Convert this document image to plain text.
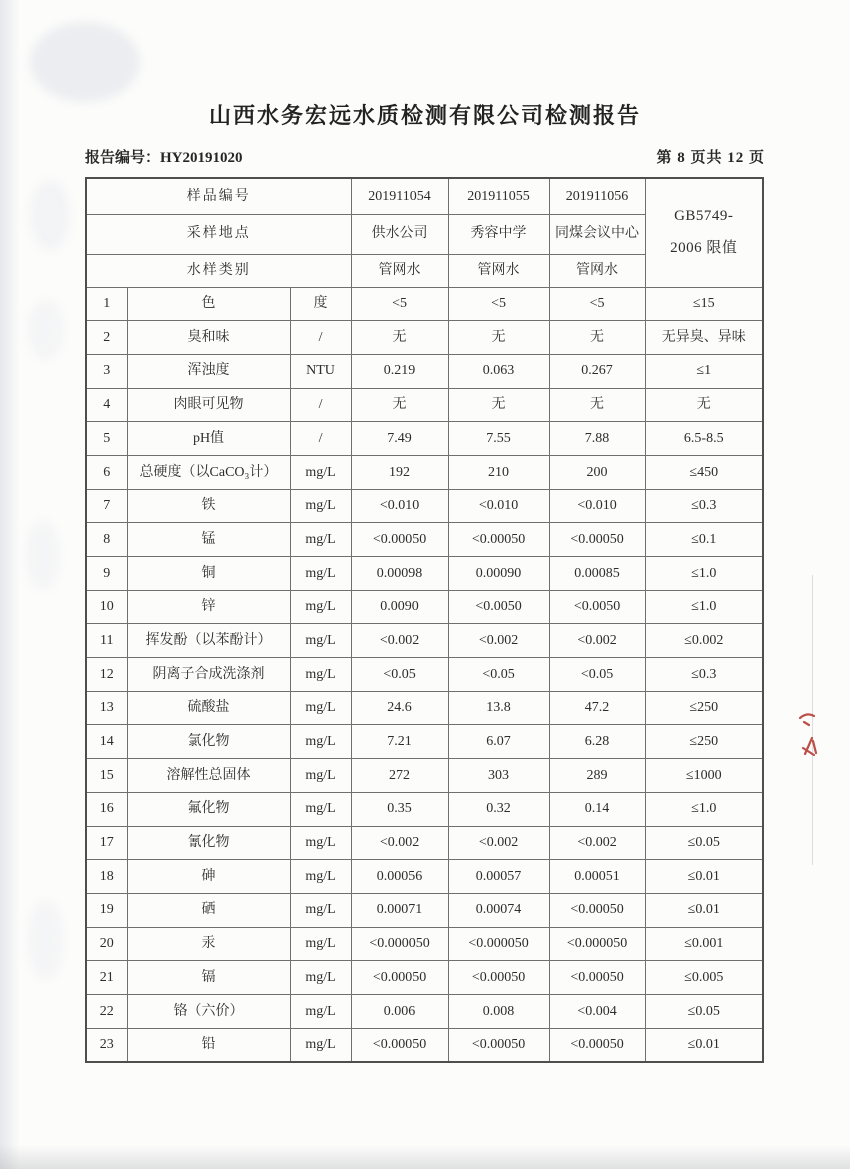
山西水务宏远水质检测有限公司检测报告
报告编号：HY20191020	第 8 页共 12 页
样品编号			201911054	201911055	201911056	GB5749-
2006 限值

采样地点			供水公司	秀容中学	同煤会议中心	
水样类别			管网水	管网水	管网水	
1	色	度	<5	<5	<5	≤15
2	臭和味	/	无	无	无	无异臭、异味
3	浑浊度	NTU	0.219	0.063	0.267	≤1
4	肉眼可见物	/	无	无	无	无
5	pH值	/	7.49	7.55	7.88	6.5-8.5
6	总硬度（以CaCO₃计）	mg/L	192	210	200	≤450
7	铁	mg/L	<0.010	<0.010	<0.010	≤0.3
8	锰	mg/L	<0.00050	<0.00050	<0.00050	≤0.1
9	铜	mg/L	0.00098	0.00090	0.00085	≤1.0
10	锌	mg/L	0.0090	<0.0050	<0.0050	≤1.0
11	挥发酚（以苯酚计）	mg/L	<0.002	<0.002	<0.002	≤0.002
12	阴离子合成洗涤剂	mg/L	<0.05	<0.05	<0.05	≤0.3
13	硫酸盐	mg/L	24.6	13.8	47.2	≤250
14	氯化物	mg/L	7.21	6.07	6.28	≤250
15	溶解性总固体	mg/L	272	303	289	≤1000
16	氟化物	mg/L	0.35	0.32	0.14	≤1.0
17	氰化物	mg/L	<0.002	<0.002	<0.002	≤0.05
18	砷	mg/L	0.00056	0.00057	0.00051	≤0.01
19	硒	mg/L	0.00071	0.00074	<0.00050	≤0.01
20	汞	mg/L	<0.000050	<0.000050	<0.000050	≤0.001
21	镉	mg/L	<0.00050	<0.00050	<0.00050	≤0.005
22	铬（六价）	mg/L	0.006	0.008	<0.004	≤0.05
23	铅	mg/L	<0.00050	<0.00050	<0.00050	≤0.01
